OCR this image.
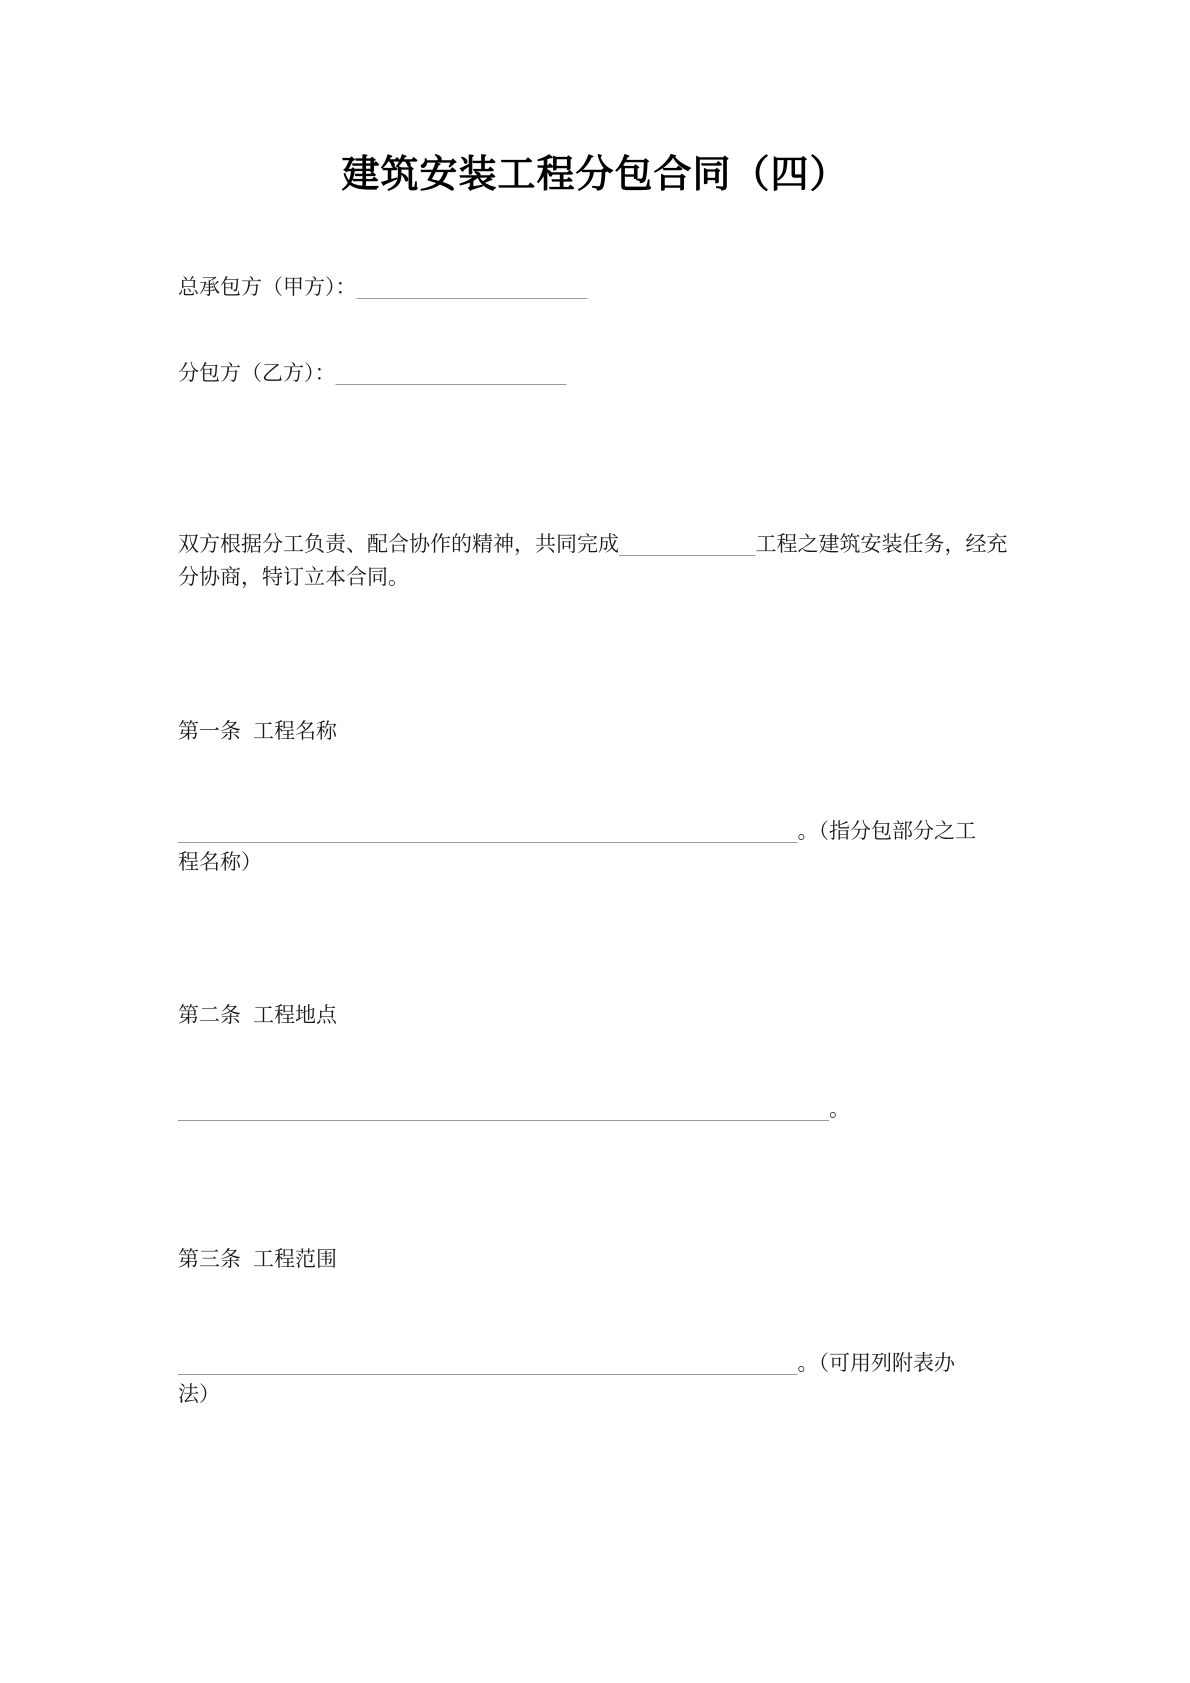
建筑安装工程分包合同（四）

总承包方（甲方）：______________________

分包方（乙方）：______________________

双方根据分工负责、配合协作的精神，共同完成_____________工程之建筑安装任务，经充
分协商，特订立本合同。
第一条 工程名称
___________________________________________________________。（指分包部分之工
程名称）
第二条 工程地点
______________________________________________________________。
第三条 工程范围
___________________________________________________________。（可用列附表办
法）
